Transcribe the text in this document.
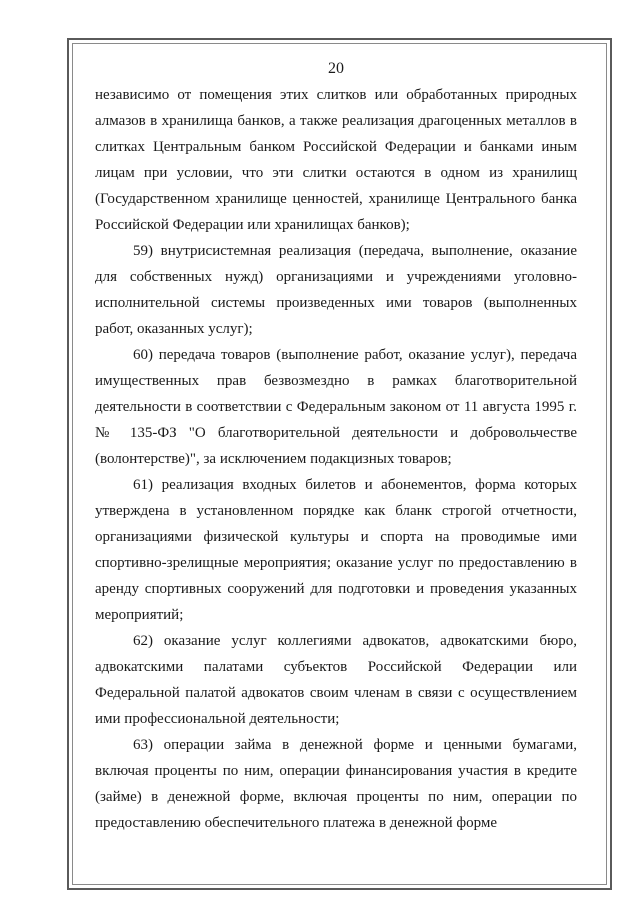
20

независимо от помещения этих слитков или обработанных природных алмазов в хранилища банков, а также реализация драгоценных металлов в слитках Центральным банком Российской Федерации и банками иным лицам при условии, что эти слитки остаются в одном из хранилищ (Государственном хранилище ценностей, хранилище Центрального банка Российской Федерации или хранилищах банков);

59) внутрисистемная реализация (передача, выполнение, оказание для собственных нужд) организациями и учреждениями уголовно-исполнительной системы произведенных ими товаров (выполненных работ, оказанных услуг);

60) передача товаров (выполнение работ, оказание услуг), передача имущественных прав безвозмездно в рамках благотворительной деятельности в соответствии с Федеральным законом от 11 августа 1995 г. № 135-ФЗ "О благотворительной деятельности и добровольчестве (волонтерстве)", за исключением подакцизных товаров;

61) реализация входных билетов и абонементов, форма которых утверждена в установленном порядке как бланк строгой отчетности, организациями физической культуры и спорта на проводимые ими спортивно-зрелищные мероприятия; оказание услуг по предоставлению в аренду спортивных сооружений для подготовки и проведения указанных мероприятий;

62) оказание услуг коллегиями адвокатов, адвокатскими бюро, адвокатскими палатами субъектов Российской Федерации или Федеральной палатой адвокатов своим членам в связи с осуществлением ими профессиональной деятельности;

63) операции займа в денежной форме и ценными бумагами, включая проценты по ним, операции финансирования участия в кредите (займе) в денежной форме, включая проценты по ним, операции по предоставлению обеспечительного платежа в денежной форме
